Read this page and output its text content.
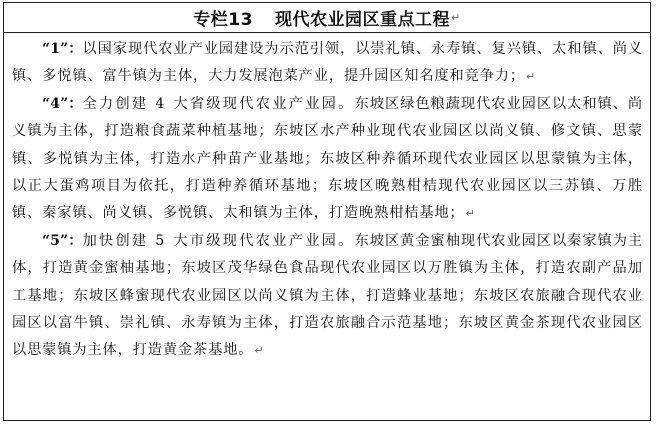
专栏13 现代农业园区重点工程 ↵

“1”：以国家现代农业产业园建设为示范引领，以崇礼镇、永寿镇、复兴镇、太和镇、尚义镇、多悦镇、富牛镇为主体，大力发展泡菜产业，提升园区知名度和竞争力；↵

“4”：全力创建 4 大省级现代农业产业园。东坡区绿色粮蔬现代农业园区以太和镇、尚义镇为主体，打造粮食蔬菜种植基地；东坡区水产种业现代农业园区以尚义镇、修文镇、思蒙镇、多悦镇为主体，打造水产种苗产业基地；东坡区种养循环现代农业园区以思蒙镇为主体，以正大蛋鸡项目为依托，打造种养循环基地；东坡区晚熟柑桔现代农业园区以三苏镇、万胜镇、秦家镇、尚义镇、多悦镇、太和镇为主体，打造晚熟柑桔基地；↵

“5”：加快创建 5 大市级现代农业产业园。东坡区黄金蜜柚现代农业园区以秦家镇为主体，打造黄金蜜柚基地；东坡区茂华绿色食品现代农业园区以万胜镇为主体，打造农副产品加工基地；东坡区蜂蜜现代农业园区以尚义镇为主体，打造蜂业基地；东坡区农旅融合现代农业园区以富牛镇、崇礼镇、永寿镇为主体，打造农旅融合示范基地；东坡区黄金茶现代农业园区以思蒙镇为主体，打造黄金茶基地。↵
